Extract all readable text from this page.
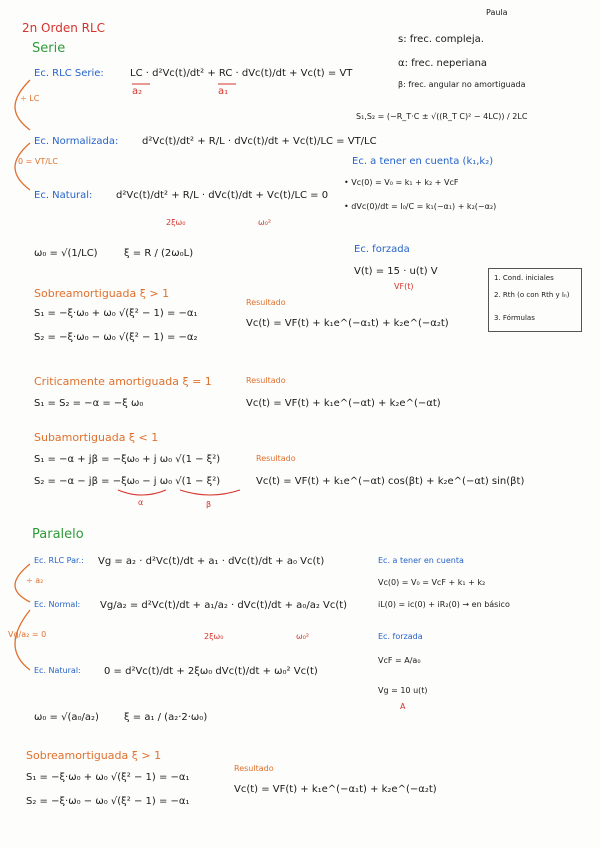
2n Orden RLC
Paula
s: frec. compleja.
α: frec. neperiana
β: frec. angular no amortiguada
Serie
Ec. RLC Serie:	LC · d²Vc(t)/dt² + RC · dVc(t)/dt + Vc(t) = VT
a₂	a₁
÷ LC
S₁,S₂ = (−R_T·C ± √((R_T C)² − 4LC)) / 2LC
Ec. Normalizada: d²Vc(t)/dt² + R/L · dVc(t)/dt + Vc(t)/LC = VT/LC
0 = VT/LC	Ec. a tener en cuenta (k₁,k₂)
• Vc(0) = V₀ = k₁ + k₂ + VcF
• dVc(0)/dt = I₀/C = k₁(−α₁) + k₂(−α₂)
Ec. Natural: d²Vc(t)/dt² + R/L · dVc(t)/dt + Vc(t)/LC = 0
2ξω₀	ω₀²
ω₀ = √(1/LC)	ξ = R / (2ω₀L)	Ec. forzada
V(t) = 15 · u(t) V
VF(t)
1. Cond. iniciales
2. Rth (o con Rth y Iₙ)
3. Fórmulas
Sobreamortiguada ξ > 1
S₁ = −ξ·ω₀ + ω₀ √(ξ² − 1) = −α₁
S₂ = −ξ·ω₀ − ω₀ √(ξ² − 1) = −α₂
Resultado
Vc(t) = VF(t) + k₁e^(−α₁t) + k₂e^(−α₂t)
Criticamente amortiguada ξ = 1
S₁ = S₂ = −α = −ξ ω₀
Resultado
Vc(t) = VF(t) + k₁e^(−αt) + k₂e^(−αt)
Subamortiguada ξ < 1
S₁ = −α + jβ = −ξω₀ + j ω₀ √(1 − ξ²)
S₂ = −α − jβ = −ξω₀ − j ω₀ √(1 − ξ²)
α	β
Resultado
Vc(t) = VF(t) + k₁e^(−αt) cos(βt) + k₂e^(−αt) sin(βt)
Paralelo
Ec. RLC Par.: Vg = a₂ · d²Vc(t)/dt + a₁ · dVc(t)/dt + a₀ Vc(t)
÷ a₂
Ec. a tener en cuenta
Vc(0) = V₀ = VcF + k₁ + k₂
iL(0) = ic(0) + iR₂(0) → en básico
Ec. Normal: Vg/a₂ = d²Vc(t)/dt + a₁/a₂ · dVc(t)/dt + a₀/a₂ Vc(t)
2ξω₀	ω₀²
Vg/a₂ = 0	Ec. forzada
VcF = A/a₀
Vg = 10 u(t)
A
Ec. Natural: 0 = d²Vc(t)/dt + 2ξω₀ dVc(t)/dt + ω₀² Vc(t)
ω₀ = √(a₀/a₂)	ξ = a₁ / (a₂·2·ω₀)
Sobreamortiguada ξ > 1
S₁ = −ξ·ω₀ + ω₀ √(ξ² − 1) = −α₁
S₂ = −ξ·ω₀ − ω₀ √(ξ² − 1) = −α₁
Resultado
Vc(t) = VF(t) + k₁e^(−α₁t) + k₂e^(−α₂t)
